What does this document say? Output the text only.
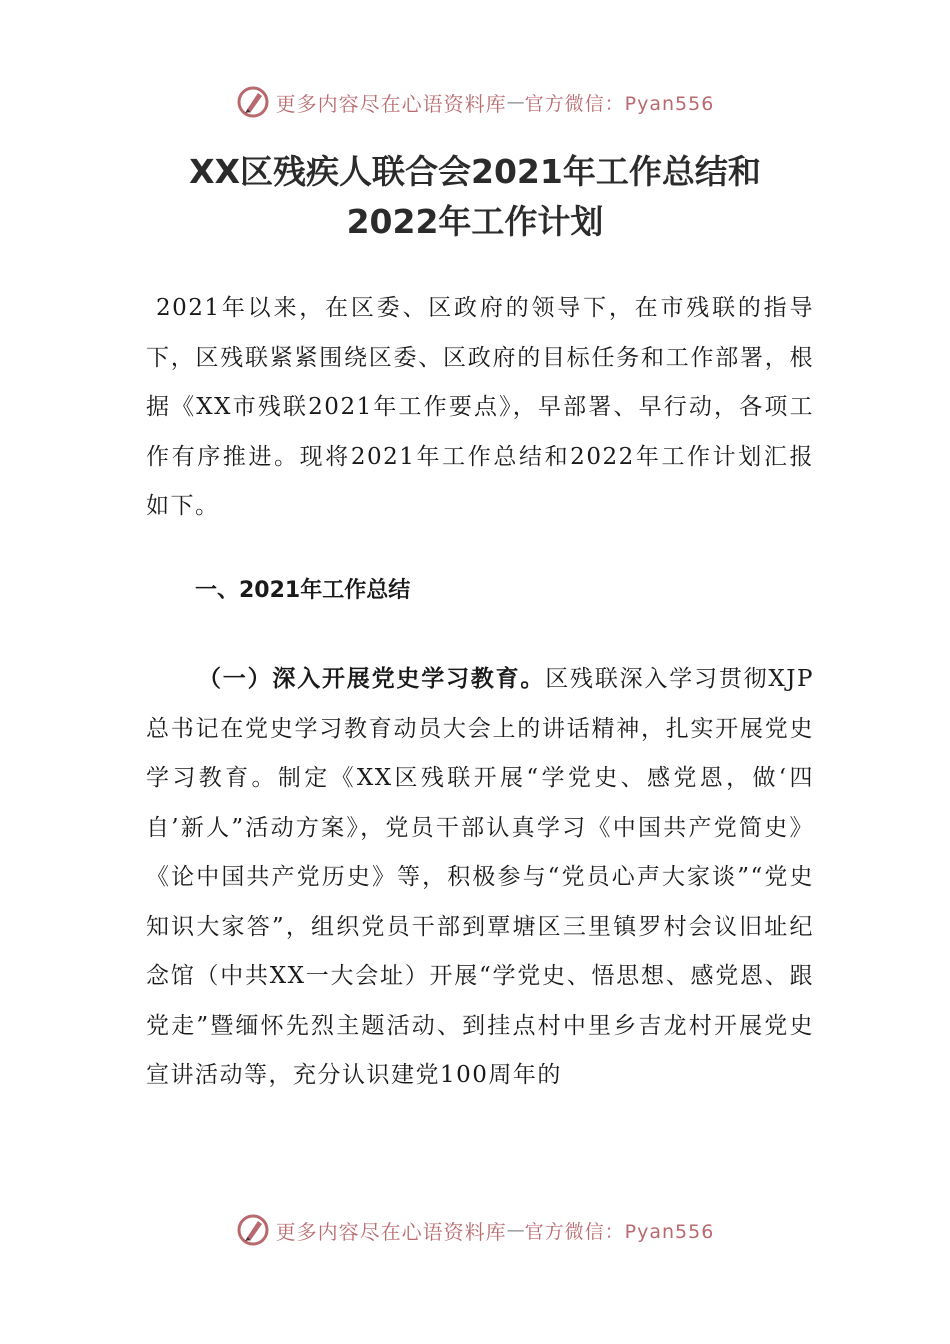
更多内容尽在心语资料库 — 官方微信：Pyan556
XX区残疾人联合会2021年工作总结和
2022年工作计划

2021年以来，在区委、区政府的领导下，在市残联的指导下，区残联紧紧围绕区委、区政府的目标任务和工作部署，根据《XX市残联2021年工作要点》，早部署、早行动，各项工作有序推进。现将2021年工作总结和2022年工作计划汇报如下。

一、2021年工作总结

（一）深入开展党史学习教育。区残联深入学习贯彻XJP总书记在党史学习教育动员大会上的讲话精神，扎实开展党史学习教育。制定《XX区残联开展“学党史、感党恩，做‘四自’新人”活动方案》，党员干部认真学习《中国共产党简史》《论中国共产党历史》等，积极参与“党员心声大家谈”“党史知识大家答”，组织党员干部到覃塘区三里镇罗村会议旧址纪念馆（中共XX一大会址）开展“学党史、悟思想、感党恩、跟党走”暨缅怀先烈主题活动、到挂点村中里乡吉龙村开展党史宣讲活动等，充分认识建党100周年的

更多内容尽在心语资料库 — 官方微信：Pyan556
